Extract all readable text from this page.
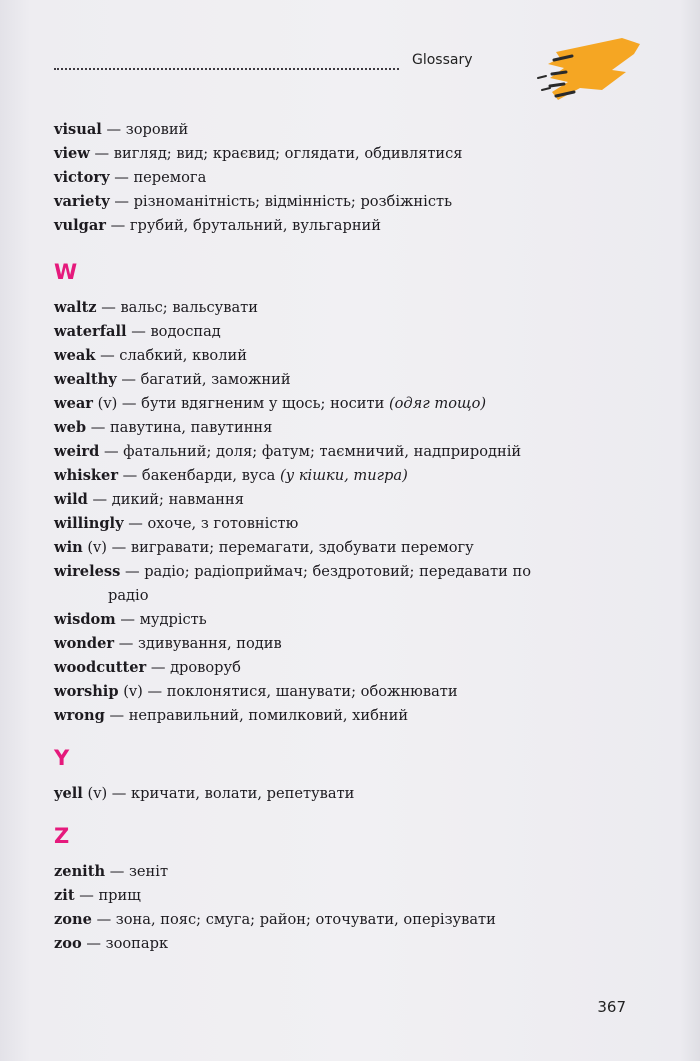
Glossary
visual — зоровий
view — вигляд; вид; краєвид; оглядати, обдивлятися
victory — перемога
variety — різноманітність; відмінність; розбіжність
vulgar — грубий, брутальний, вульгарний
W
waltz — вальс; вальсувати
waterfall — водоспад
weak — слабкий, кволий
wealthy — багатий, заможний
wear (v) — бути вдягненим у щось; носити (одяг тощо)
web — павутина, павутиння
weird — фатальний; доля; фатум; таємничий, надприродній
whisker — бакенбарди, вуса (у кішки, тигра)
wild — дикий; навмання
willingly — охоче, з готовністю
win (v) — вигравати; перемагати, здобувати перемогу
wireless — радіо; радіоприймач; бездротовий; передавати по
радіо
wisdom — мудрість
wonder — здивування, подив
woodcutter — дроворуб
worship (v) — поклонятися, шанувати; обожнювати
wrong — неправильний, помилковий, хибний
Y
yell (v) — кричати, волати, репетувати
Z
zenith — зеніт
zit — прищ
zone — зона, пояс; смуга; район; оточувати, оперізувати
zoo — зоопарк
367
